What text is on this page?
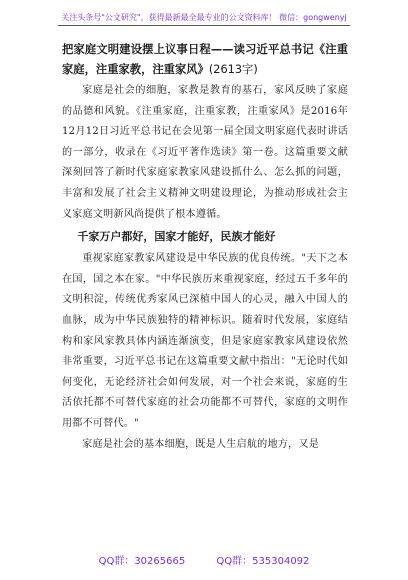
关注头条号"公文研究"，获得最新最全最专业的公文资料库！ 微信：gongwenyj
把家庭文明建设摆上议事日程——读习近平总书记《注重家庭，注重家教，注重家风》(2613字)

家庭是社会的细胞，家教是教育的基石，家风反映了家庭的品德和风貌。《注重家庭，注重家教，注重家风》是2016年12月12日习近平总书记在会见第一届全国文明家庭代表时讲话的一部分，收录在《习近平著作选读》第一卷。这篇重要文献深刻回答了新时代家庭家教家风建设抓什么、怎么抓的问题，丰富和发展了社会主义精神文明建设理论，为推动形成社会主义家庭文明新风尚提供了根本遵循。

千家万户都好，国家才能好，民族才能好

重视家庭家教家风建设是中华民族的优良传统。"天下之本在国，国之本在家。"中华民族历来重视家庭，经过五千多年的文明积淀，传统优秀家风已深植中国人的心灵，融入中国人的血脉，成为中华民族独特的精神标识。随着时代发展，家庭结构和家风家教具体内涵连渐演变，但是家庭家教家风建设依然非常重要，习近平总书记在这篇重要文献中指出："无论时代如何变化，无论经济社会如何发展，对一个社会来说，家庭的生活依托都不可替代家庭的社会功能都不可替代，家庭的文明作用都不可替代。"

家庭是社会的基本细胞，既是人生启航的地方，又是

QQ群：30265665	QQ群：535304092
